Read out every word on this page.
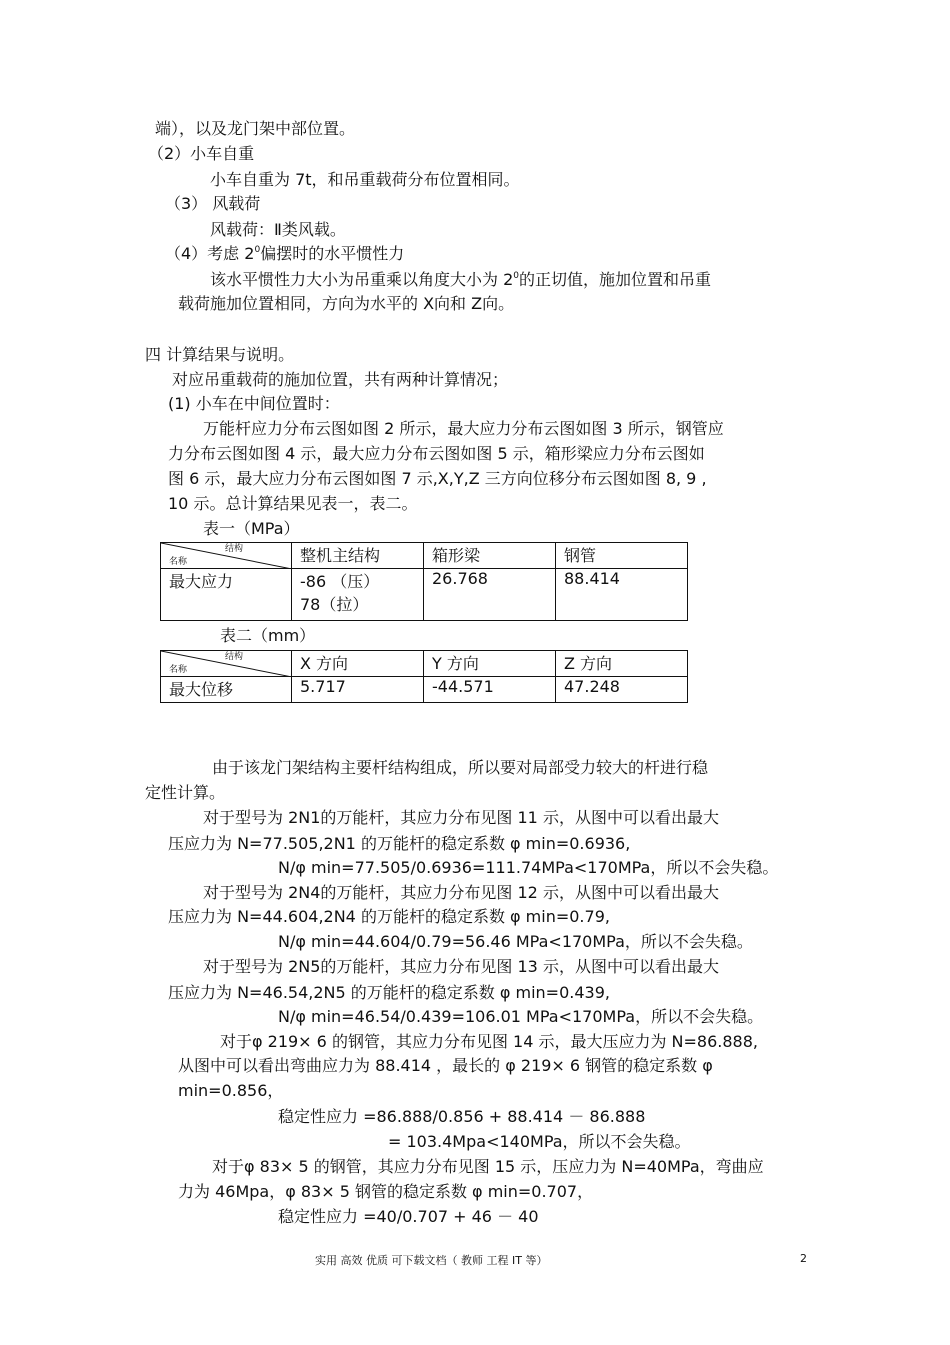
端），以及龙门架中部位置。
（2）小车自重
小车自重为 7t，和吊重载荷分布位置相同。
（3） 风载荷
风载荷：Ⅱ类风载。
（4）考虑 $2^0$偏摆时的水平惯性力
该水平惯性力大小为吊重乘以角度大小为 $2^0$的正切值，施加位置和吊重
载荷施加位置相同，方向为水平的 X向和 Z向。
四 计算结果与说明。
对应吊重载荷的施加位置，共有两种计算情况；
(1) 小车在中间位置时：
万能杆应力分布云图如图 2 所示，最大应力分布云图如图 3 所示，钢管应
力分布云图如图 4 示，最大应力分布云图如图 5 示，箱形梁应力分布云图如
图 6 示，最大应力分布云图如图 7 示,X,Y,Z 三方向位移分布云图如图 8, 9 ,
10 示。总计算结果见表一，表二。
表一（MPa）
结构
名称	整机主结构	箱形梁	钢管
最大应力	-86 （压）
78（拉）	26.768	88.414
表二（mm）
结构
名称	X 方向	Y 方向	Z 方向
最大位移	5.717	-44.571	47.248
由于该龙门架结构主要杆结构组成，所以要对局部受力较大的杆进行稳
定性计算。
对于型号为 2N1的万能杆，其应力分布见图 11 示，从图中可以看出最大
压应力为 N=77.505,2N1 的万能杆的稳定系数 φ min=0.6936,
N/φ min=77.505/0.6936=111.74MPa<170MPa，所以不会失稳。
对于型号为 2N4的万能杆，其应力分布见图 12 示，从图中可以看出最大
压应力为 N=44.604,2N4 的万能杆的稳定系数 φ min=0.79,
N/φ min=44.604/0.79=56.46 MPa<170MPa，所以不会失稳。
对于型号为 2N5的万能杆，其应力分布见图 13 示，从图中可以看出最大
压应力为 N=46.54,2N5 的万能杆的稳定系数 φ min=0.439,
N/φ min=46.54/0.439=106.01 MPa<170MPa，所以不会失稳。
对于φ 219× 6 的钢管，其应力分布见图 14 示，最大压应力为 N=86.888,
从图中可以看出弯曲应力为 88.414 ，最长的 φ 219× 6 钢管的稳定系数 φ
min=0.856，
稳定性应力 =86.888/0.856 + 88.414 － 86.888
= 103.4Mpa<140MPa，所以不会失稳。
对于φ 83× 5 的钢管，其应力分布见图 15 示，压应力为 N=40MPa，弯曲应
力为 46Mpa，φ 83× 5 钢管的稳定系数 φ min=0.707，
稳定性应力 =40/0.707 + 46 － 40
实用 高效 优质 可下载文档（ 教师 工程 IT 等）	2
